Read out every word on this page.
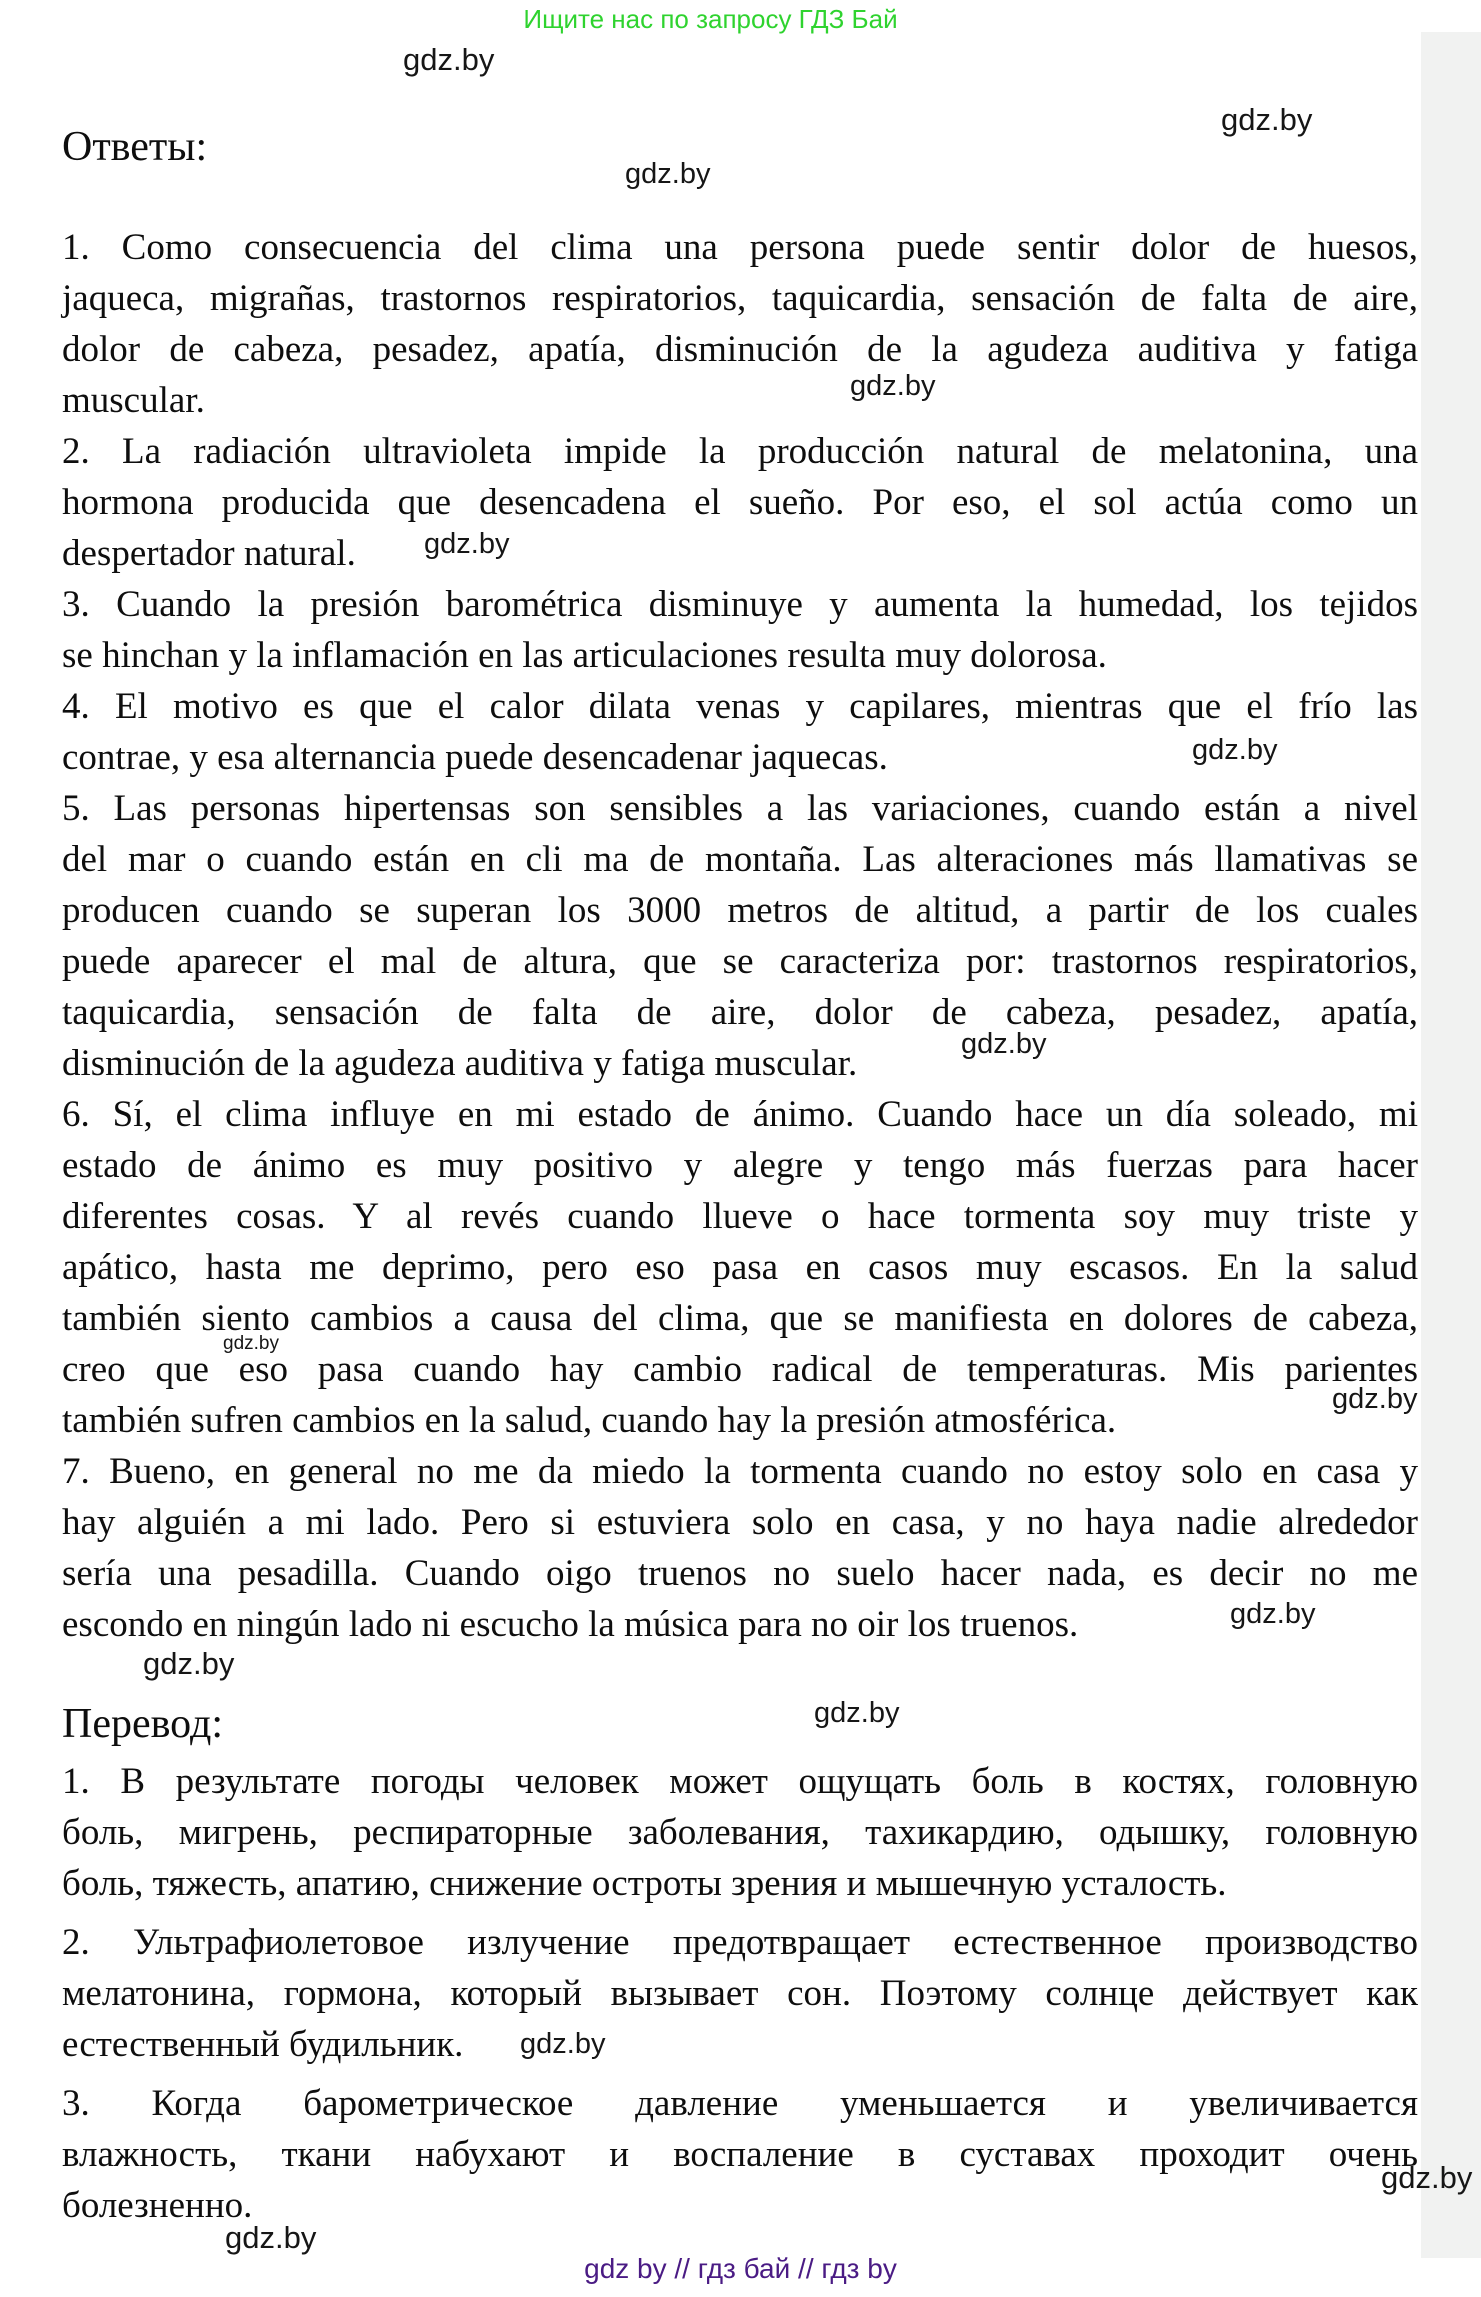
Ищите нас по запросу ГДЗ Бай
Ответы:
1. Como consecuencia del clima una persona puede sentir dolor de huesos,
jaqueca, migrañas, trastornos respiratorios, taquicardia, sensación de falta de aire,
dolor de cabeza, pesadez, apatía, disminución de la agudeza auditiva y fatiga
muscular.
2. La radiación ultravioleta impide la producción natural de melatonina, una
hormona producida que desencadena el sueño. Por eso, el sol actúa como un
despertador natural.
3. Cuando la presión barométrica disminuye y aumenta la humedad, los tejidos
se hinchan y la inflamación en las articulaciones resulta muy dolorosa.
4. El motivo es que el calor dilata venas y capilares, mientras que el frío las
contrae, y esa alternancia puede desencadenar jaquecas.
5. Las personas hipertensas son sensibles a las variaciones, cuando están a nivel
del mar o cuando están en cli ma de montaña. Las alteraciones más llamativas se
producen cuando se superan los 3000 metros de altitud, a partir de los cuales
puede aparecer el mal de altura, que se caracteriza por: trastornos respiratorios,
taquicardia, sensación de falta de aire, dolor de cabeza, pesadez, apatía,
disminución de la agudeza auditiva y fatiga muscular.
6. Sí, el clima influye en mi estado de ánimo. Cuando hace un día soleado, mi
estado de ánimo es muy positivo y alegre y tengo más fuerzas para hacer
diferentes cosas. Y al revés cuando llueve o hace tormenta soy muy triste y
apático, hasta me deprimo, pero eso pasa en casos muy escasos. En la salud
también siento cambios a causa del clima, que se manifiesta en dolores de cabeza,
creo que eso pasa cuando hay cambio radical de temperaturas. Mis parientes
también sufren cambios en la salud, cuando hay la presión atmosférica.
7. Bueno, en general no me da miedo la tormenta cuando no estoy solo en casa y
hay alguién a mi lado. Pero si estuviera solo en casa, y no haya nadie alrededor
sería una pesadilla. Cuando oigo truenos no suelo hacer nada, es decir no me
escondo en ningún lado ni escucho la música para no oir los truenos.
Перевод:
1. В результате погоды человек может ощущать боль в костях, головную
боль, мигрень, респираторные заболевания, тахикардию, одышку, головную
боль, тяжесть, апатию, снижение остроты зрения и мышечную усталость.
2. Ультрафиолетовое излучение предотвращает естественное производство
мелатонина, гормона, который вызывает сон. Поэтому солнце действует как
естественный будильник.
3. Когда барометрическое давление уменьшается и увеличивается
влажность, ткани набухают и воспаление в суставах проходит очень
болезненно.
gdz.by
gdz.by
gdz.by
gdz.by
gdz.by
gdz.by
gdz.by
gdz.by
gdz.by
gdz.by
gdz.by
gdz.by
gdz.by
gdz.by
gdz.by
gdz by // гдз бай // гдз by
